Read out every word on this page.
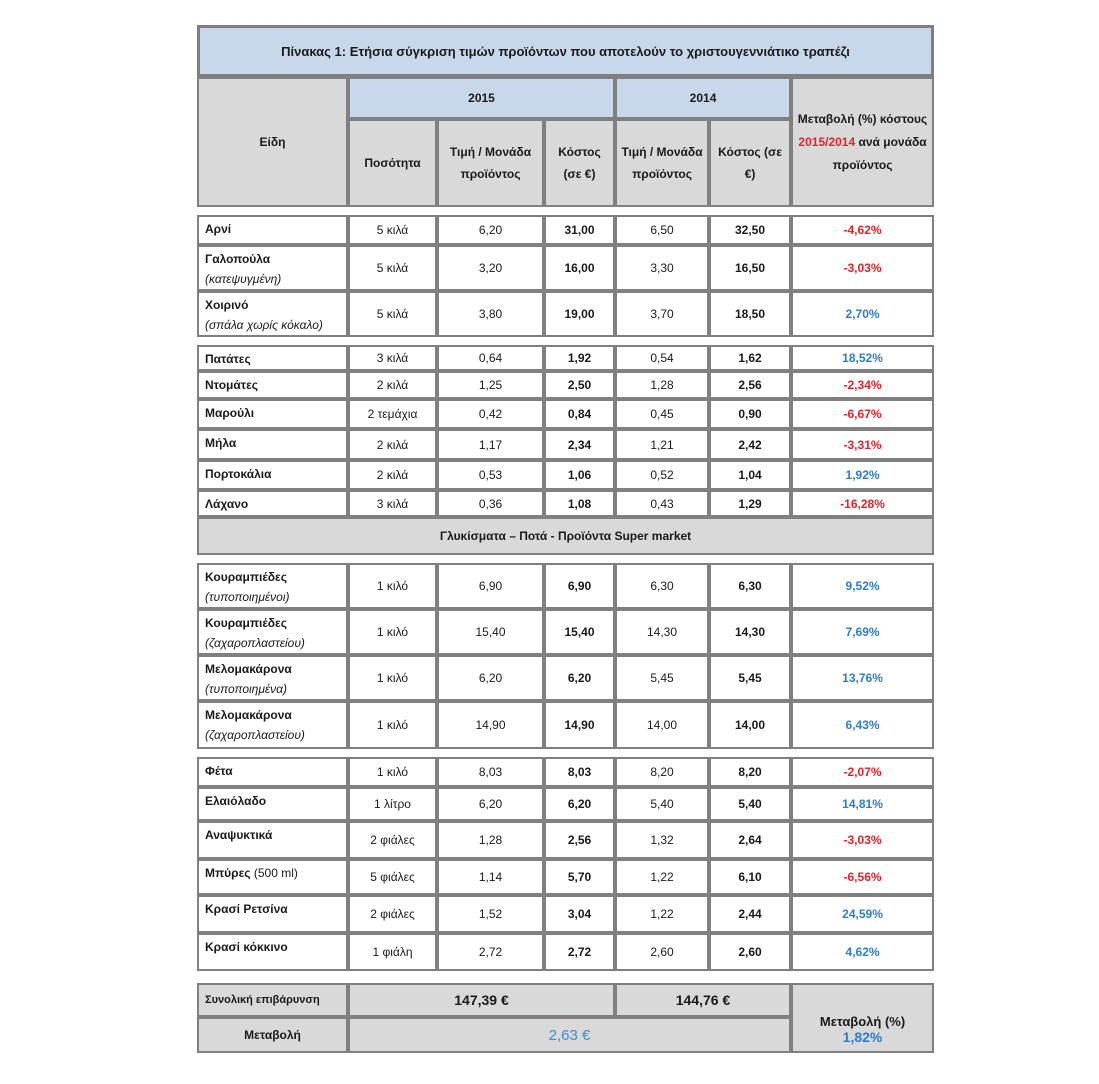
Πίνακας 1: Ετήσια σύγκριση τιμών προϊόντων που αποτελούν το χριστουγεννιάτικο τραπέζι
Είδη	2015			2014		Μεταβολή (%) κόστους
2015/2014 ανά μονάδα προϊόντος
	Ποσότητα	Τιμή / Μονάδα προϊόντος	Κόστος (σε €)	Τιμή / Μονάδα προϊόντος	Κόστος (σε €)	

Αρνί	5 κιλά	6,20	31,00	6,50	32,50	-4,62%
Γαλοπούλα
(κατεψυγμένη)	5 κιλά	3,20	16,00	3,30	16,50	-3,03%
Χοιρινό
(σπάλα χωρίς κόκαλο)	5 κιλά	3,80	19,00	3,70	18,50	2,70%

Πατάτες	3 κιλά	0,64	1,92	0,54	1,62	18,52%
Ντομάτες	2 κιλά	1,25	2,50	1,28	2,56	-2,34%
Μαρούλι	2 τεμάχια	0,42	0,84	0,45	0,90	-6,67%
Μήλα	2 κιλά	1,17	2,34	1,21	2,42	-3,31%
Πορτοκάλια	2 κιλά	0,53	1,06	0,52	1,04	1,92%
Λάχανο	3 κιλά	0,36	1,08	0,43	1,29	-16,28%
Γλυκίσματα – Ποτά - Προϊόντα Super market						

Κουραμπιέδες
(τυποποιημένοι)	1 κιλό	6,90	6,90	6,30	6,30	9,52%
Κουραμπιέδες
(ζαχαροπλαστείου)	1 κιλό	15,40	15,40	14,30	14,30	7,69%
Μελομακάρονα
(τυποποιημένα)	1 κιλό	6,20	6,20	5,45	5,45	13,76%
Μελομακάρονα
(ζαχαροπλαστείου)	1 κιλό	14,90	14,90	14,00	14,00	6,43%

Φέτα	1 κιλό	8,03	8,03	8,20	8,20	-2,07%
Ελαιόλαδο	1 λίτρο	6,20	6,20	5,40	5,40	14,81%
Αναψυκτικά	2 φιάλες	1,28	2,56	1,32	2,64	-3,03%
Μπύρες (500 ml)	5 φιάλες	1,14	5,70	1,22	6,10	-6,56%
Κρασί Ρετσίνα	2 φιάλες	1,52	3,04	1,22	2,44	24,59%
Κρασί κόκκινο	1 φιάλη	2,72	2,72	2,60	2,60	4,62%

Συνολική επιβάρυνση	147,39 €			144,76 €		Μεταβολή (%)
1,82%

Μεταβολή	2,63 €					
